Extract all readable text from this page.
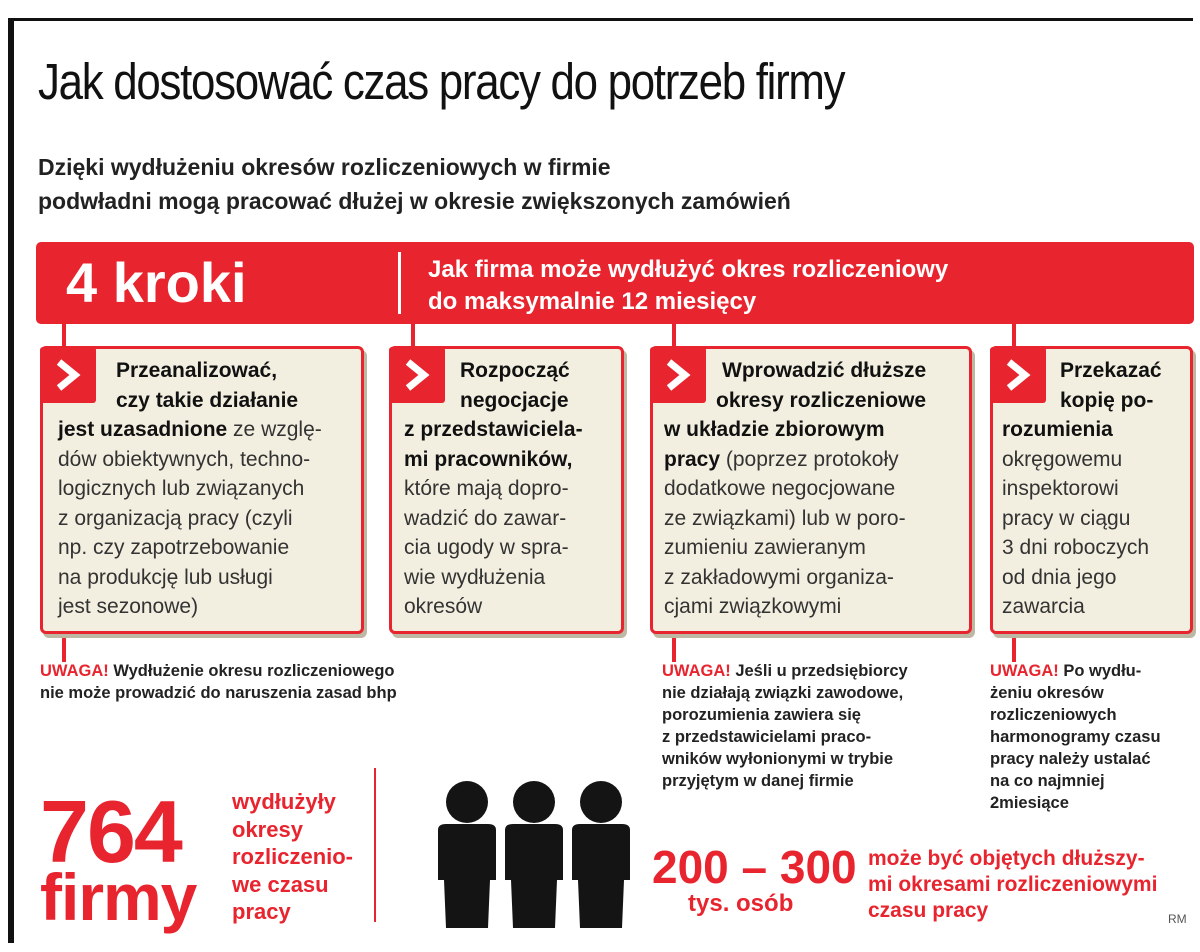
Jak dostosować czas pracy do potrzeb firmy
Dzięki wydłużeniu okresów rozliczeniowych w firmie
podwładni mogą pracować dłużej w okresie zwiększonych zamówień
4 kroki	Jak firma może wydłużyć okres rozliczeniowy
do maksymalnie 12 miesięcy
Przeanalizować,
czy takie działanie
jest uzasadnione ze wzglę-
dów obiektywnych, techno-
logicznych lub związanych
z organizacją pracy (czyli
np. czy zapotrzebowanie
na produkcję lub usługi
jest sezonowe)
Rozpocząć
negocjacje
z przedstawiciela-
mi pracowników,
które mają dopro-
wadzić do zawar-
cia ugody w spra-
wie wydłużenia
okresów
Wprowadzić dłuższe
okresy rozliczeniowe
w układzie zbiorowym
pracy (poprzez protokoły
dodatkowe negocjowane
ze związkami) lub w poro-
zumieniu zawieranym
z zakładowymi organiza-
cjami związkowymi
Przekazać
kopię po-
rozumienia
okręgowemu
inspektorowi
pracy w ciągu
3 dni roboczych
od dnia jego
zawarcia
UWAGA! Wydłużenie okresu rozliczeniowego
nie może prowadzić do naruszenia zasad bhp
UWAGA! Jeśli u przedsiębiorcy
nie działają związki zawodowe,
porozumienia zawiera się
z przedstawicielami praco-
wników wyłonionymi w trybie
przyjętym w danej firmie
UWAGA! Po wydłu-
żeniu okresów
rozliczeniowych
harmonogramy czasu
pracy należy ustalać
na co najmniej
2miesiące
764
firmy
wydłużyły
okresy
rozliczenio-
we czasu
pracy
200 – 300
tys. osób
może być objętych dłuższy-
mi okresami rozliczeniowymi
czasu pracy	RM
